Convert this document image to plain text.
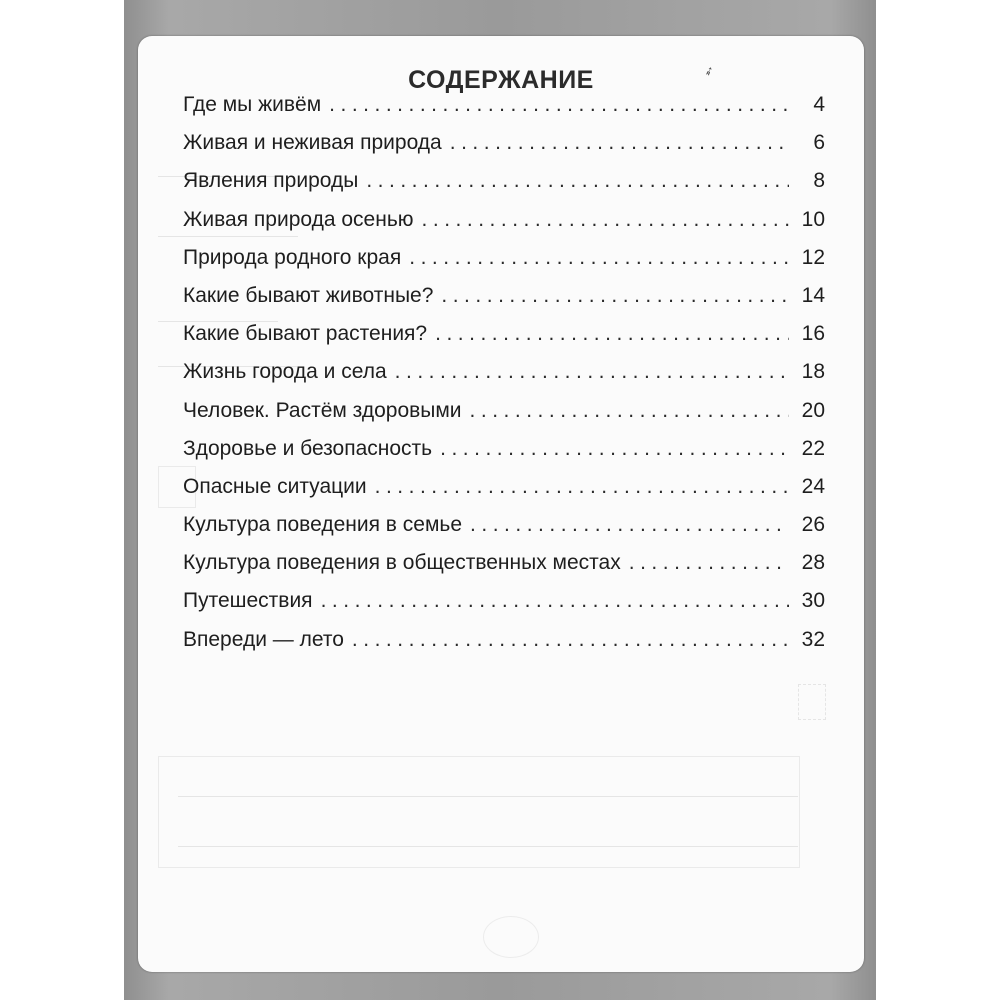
СОДЕРЖАНИЕ	➶
Где мы живём .....	4
Живая и неживая природа .....	6
Явления природы .....	8
Живая природа осенью .....	10
Природа родного края .....	12
Какие бывают животные? .....	14
Какие бывают растения? .....	16
Жизнь города и села .....	18
Человек. Растём здоровыми .....	20
Здоровье и безопасность .....	22
Опасные ситуации .....	24
Культура поведения в семье .....	26
Культура поведения в общественных местах .....	28
Путешествия .....	30
Впереди — лето .....	32
